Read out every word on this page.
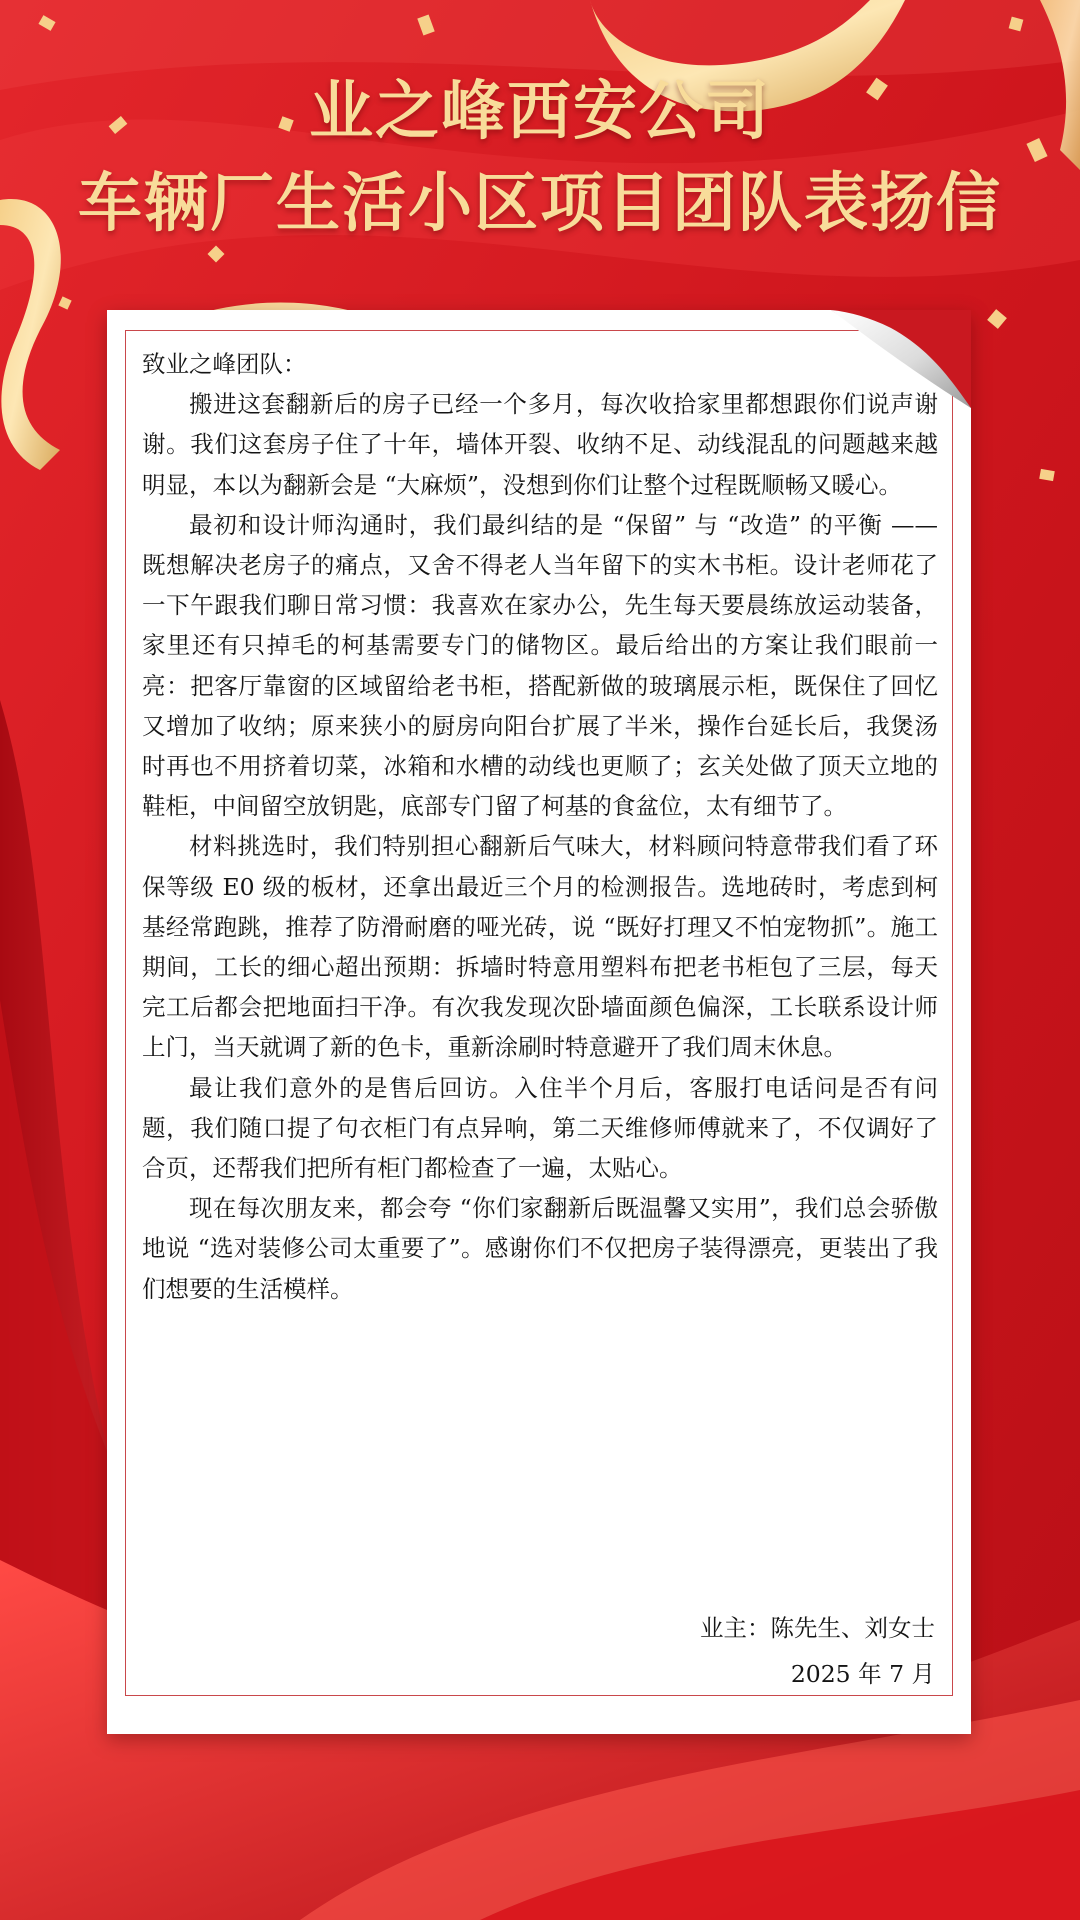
业之峰西安公司
车辆厂生活小区项目团队表扬信

致业之峰团队：

搬进这套翻新后的房子已经一个多月，每次收拾家里都想跟你们说声谢谢。我们这套房子住了十年，墙体开裂、收纳不足、动线混乱的问题越来越明显，本以为翻新会是 “大麻烦”，没想到你们让整个过程既顺畅又暖心。

最初和设计师沟通时，我们最纠结的是 “保留” 与 “改造” 的平衡 —— 既想解决老房子的痛点，又舍不得老人当年留下的实木书柜。设计老师花了一下午跟我们聊日常习惯：我喜欢在家办公，先生每天要晨练放运动装备，家里还有只掉毛的柯基需要专门的储物区。最后给出的方案让我们眼前一亮：把客厅靠窗的区域留给老书柜，搭配新做的玻璃展示柜，既保住了回忆又增加了收纳；原来狭小的厨房向阳台扩展了半米，操作台延长后，我煲汤时再也不用挤着切菜，冰箱和水槽的动线也更顺了；玄关处做了顶天立地的鞋柜，中间留空放钥匙，底部专门留了柯基的食盆位，太有细节了。

材料挑选时，我们特别担心翻新后气味大，材料顾问特意带我们看了环保等级 E0 级的板材，还拿出最近三个月的检测报告。选地砖时，考虑到柯基经常跑跳，推荐了防滑耐磨的哑光砖，说 “既好打理又不怕宠物抓”。施工期间，工长的细心超出预期：拆墙时特意用塑料布把老书柜包了三层，每天完工后都会把地面扫干净。有次我发现次卧墙面颜色偏深，工长联系设计师上门，当天就调了新的色卡，重新涂刷时特意避开了我们周末休息。

最让我们意外的是售后回访。入住半个月后，客服打电话问是否有问题，我们随口提了句衣柜门有点异响，第二天维修师傅就来了，不仅调好了合页，还帮我们把所有柜门都检查了一遍，太贴心。

现在每次朋友来，都会夸 “你们家翻新后既温馨又实用”，我们总会骄傲地说 “选对装修公司太重要了”。感谢你们不仅把房子装得漂亮，更装出了我们想要的生活模样。

业主：陈先生、刘女士
2025 年 7 月
